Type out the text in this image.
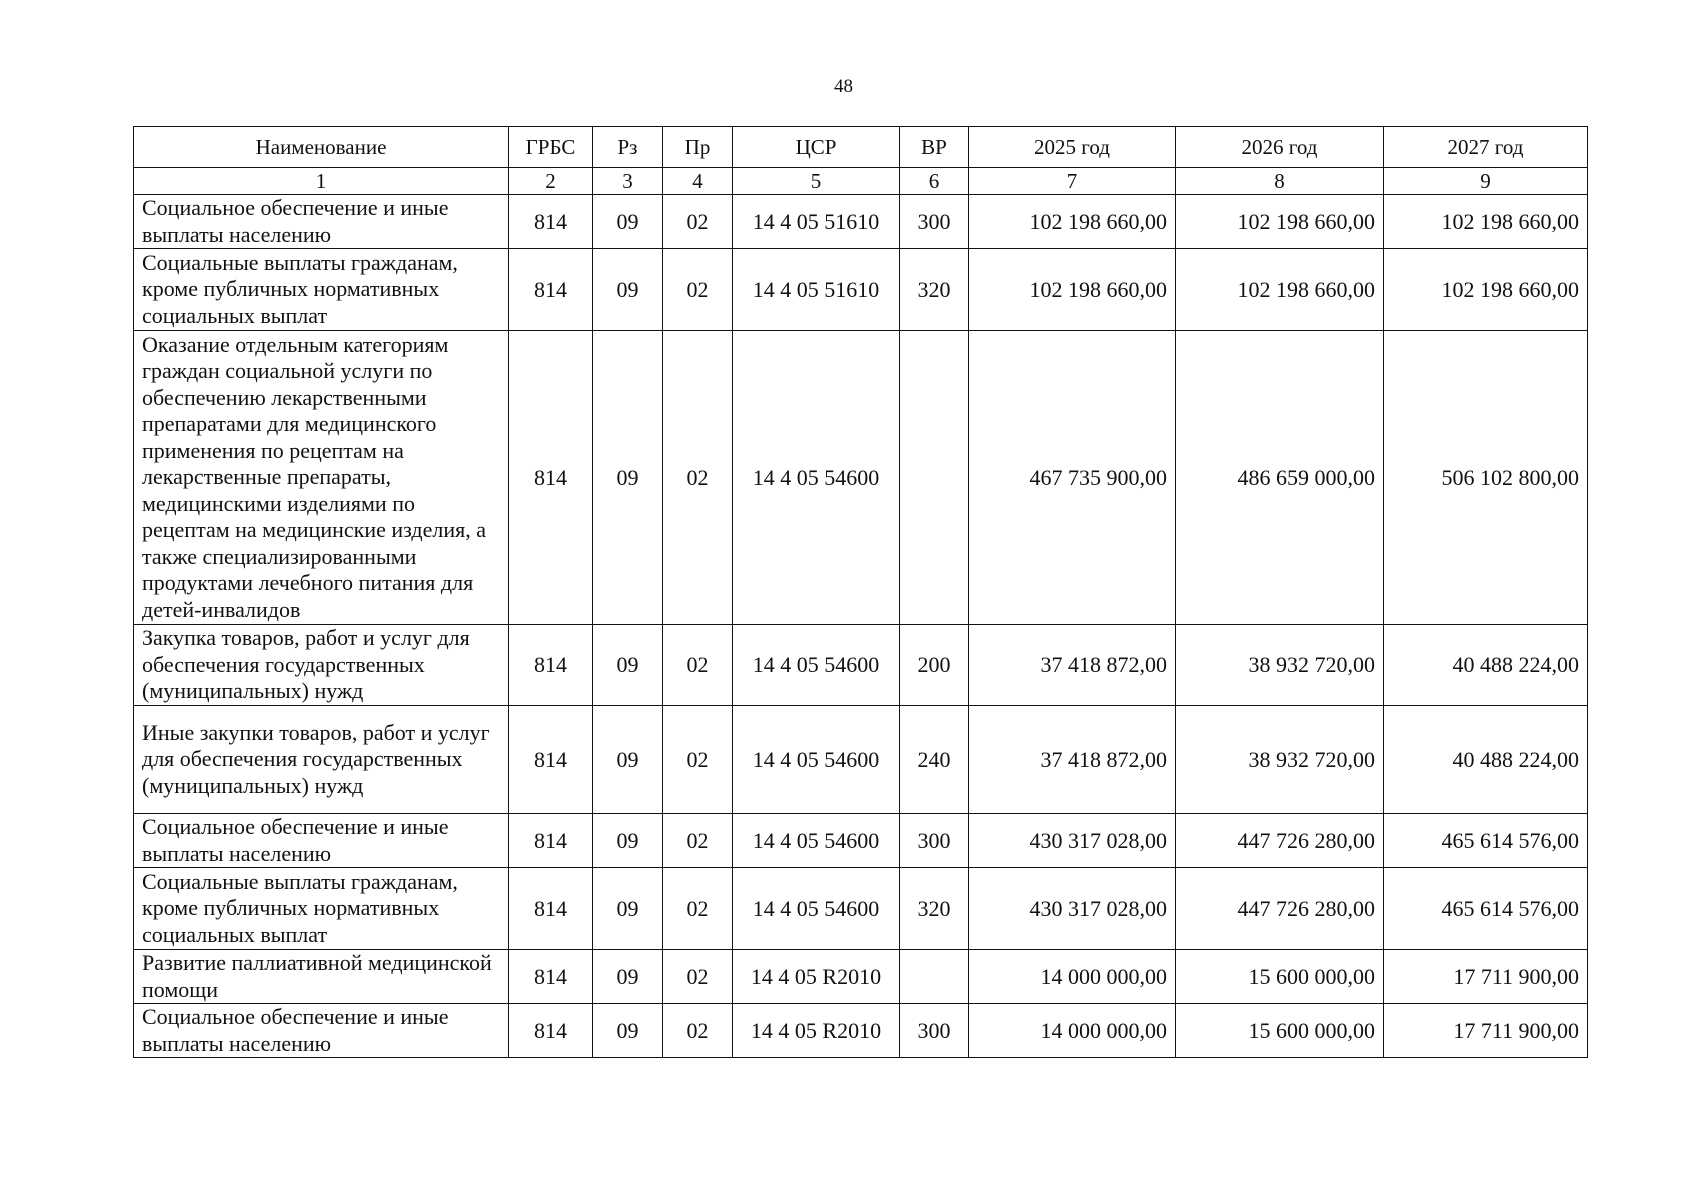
48
Наименование	ГРБС	Рз	Пр	ЦСР	ВР	2025 год	2026 год	2027 год
1	2	3	4	5	6	7	8	9
Социальное обеспечение и иные выплаты населению	814	09	02	14 4 05 51610	300	102 198 660,00	102 198 660,00	102 198 660,00
Социальные выплаты гражданам, кроме публичных нормативных социальных выплат	814	09	02	14 4 05 51610	320	102 198 660,00	102 198 660,00	102 198 660,00
Оказание отдельным категориям граждан социальной услуги по обеспечению лекарственными препаратами для медицинского применения по рецептам на лекарственные препараты, медицинскими изделиями по рецептам на медицинские изделия, а также специализированными продуктами лечебного питания для детей-инвалидов	814	09	02	14 4 05 54600		467 735 900,00	486 659 000,00	506 102 800,00
Закупка товаров, работ и услуг для обеспечения государственных (муниципальных) нужд	814	09	02	14 4 05 54600	200	37 418 872,00	38 932 720,00	40 488 224,00
Иные закупки товаров, работ и услуг для обеспечения государственных (муниципальных) нужд	814	09	02	14 4 05 54600	240	37 418 872,00	38 932 720,00	40 488 224,00
Социальное обеспечение и иные выплаты населению	814	09	02	14 4 05 54600	300	430 317 028,00	447 726 280,00	465 614 576,00
Социальные выплаты гражданам, кроме публичных нормативных социальных выплат	814	09	02	14 4 05 54600	320	430 317 028,00	447 726 280,00	465 614 576,00
Развитие паллиативной медицинской помощи	814	09	02	14 4 05 R2010		14 000 000,00	15 600 000,00	17 711 900,00
Социальное обеспечение и иные выплаты населению	814	09	02	14 4 05 R2010	300	14 000 000,00	15 600 000,00	17 711 900,00
